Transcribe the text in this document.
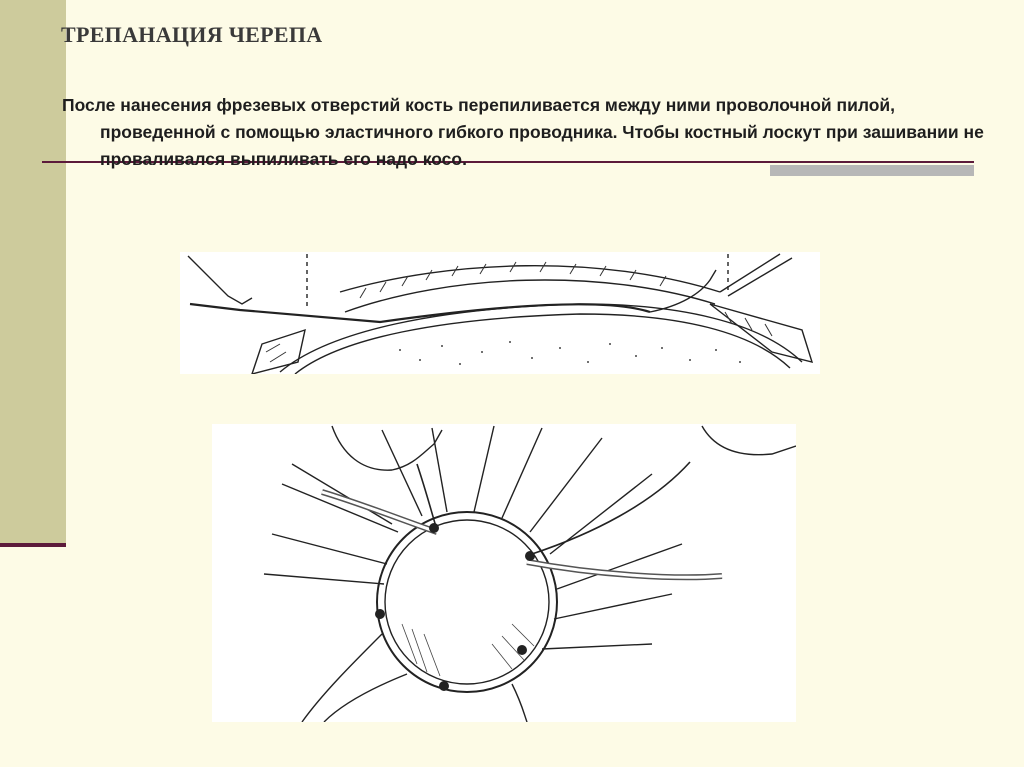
ТРЕПАНАЦИЯ ЧЕРЕПА
После нанесения фрезевых отверстий кость перепиливается между ними проволочной пилой, проведенной с помощью эластичного гибкого проводника. Чтобы костный лоскут при зашивании не проваливался выпиливать его надо косо.
